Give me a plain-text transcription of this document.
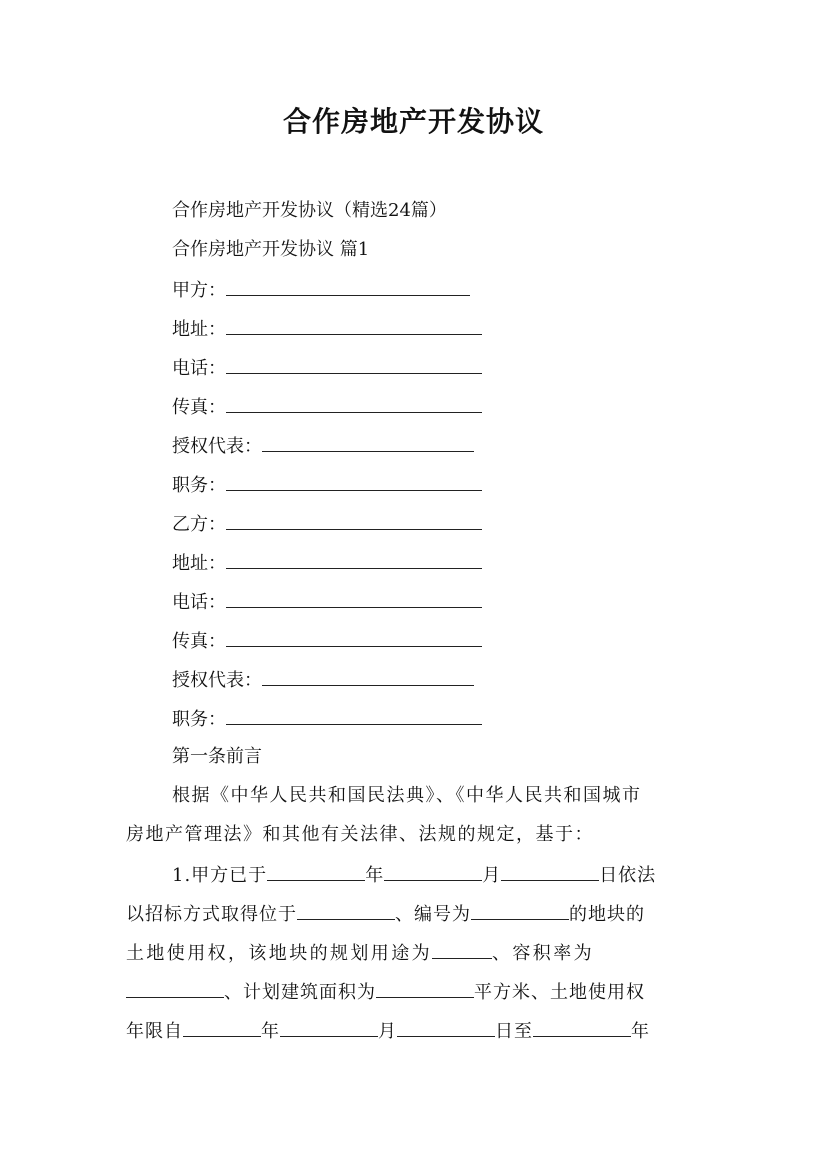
合作房地产开发协议
合作房地产开发协议（精选24篇）
合作房地产开发协议 篇1
甲方：
地址：
电话：
传真：
授权代表：
职务：
乙方：
地址：
电话：
传真：
授权代表：
职务：
第一条前言
根据《中华人民共和国民法典》、《中华人民共和国城市
房地产管理法》和其他有关法律、法规的规定，基于：
1.甲方已于	年	月	日依法
以招标方式取得位于	、编号为	的地块的
土地使用权，该地块的规划用途为	、容积率为
、计划建筑面积为	平方米、土地使用权
年限自	年	月	日至	年
